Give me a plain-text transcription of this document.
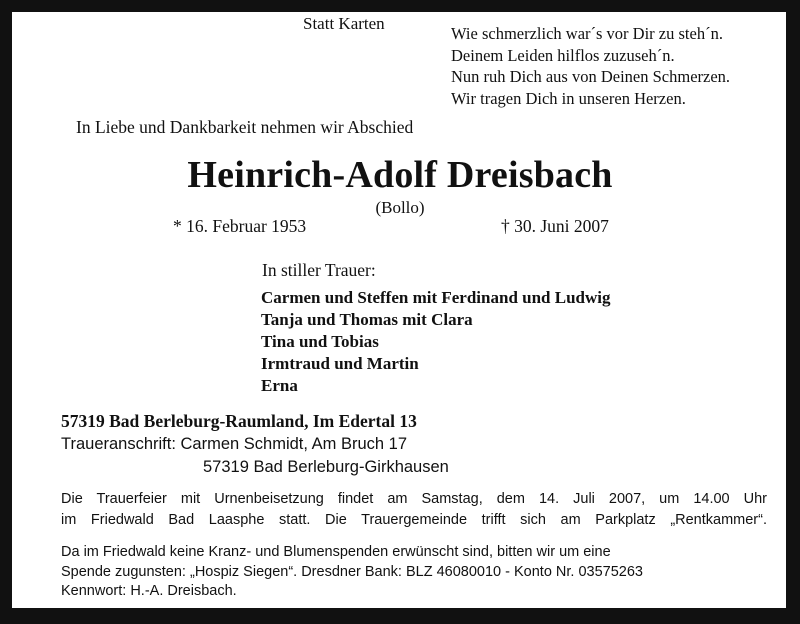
Statt Karten
Wie schmerzlich war´s vor Dir zu steh´n.
Deinem Leiden hilflos zuzuseh´n.
Nun ruh Dich aus von Deinen Schmerzen.
Wir tragen Dich in unseren Herzen.
In Liebe und Dankbarkeit nehmen wir Abschied
Heinrich-Adolf Dreisbach
(Bollo)
* 16. Februar 1953	† 30. Juni 2007
In stiller Trauer:
Carmen und Steffen mit Ferdinand und Ludwig
Tanja und Thomas mit Clara
Tina und Tobias
Irmtraud und Martin
Erna
57319 Bad Berleburg-Raumland, Im Edertal 13
Traueranschrift: Carmen Schmidt, Am Bruch 17
57319 Bad Berleburg-Girkhausen
Die Trauerfeier mit Urnenbeisetzung findet am Samstag, dem 14. Juli 2007, um 14.00 Uhr
im Friedwald Bad Laasphe statt. Die Trauergemeinde trifft sich am Parkplatz „Rentkammer“.
Da im Friedwald keine Kranz- und Blumenspenden erwünscht sind, bitten wir um eine
Spende zugunsten: „Hospiz Siegen“. Dresdner Bank: BLZ 46080010 - Konto Nr. 03575263
Kennwort: H.-A. Dreisbach.
